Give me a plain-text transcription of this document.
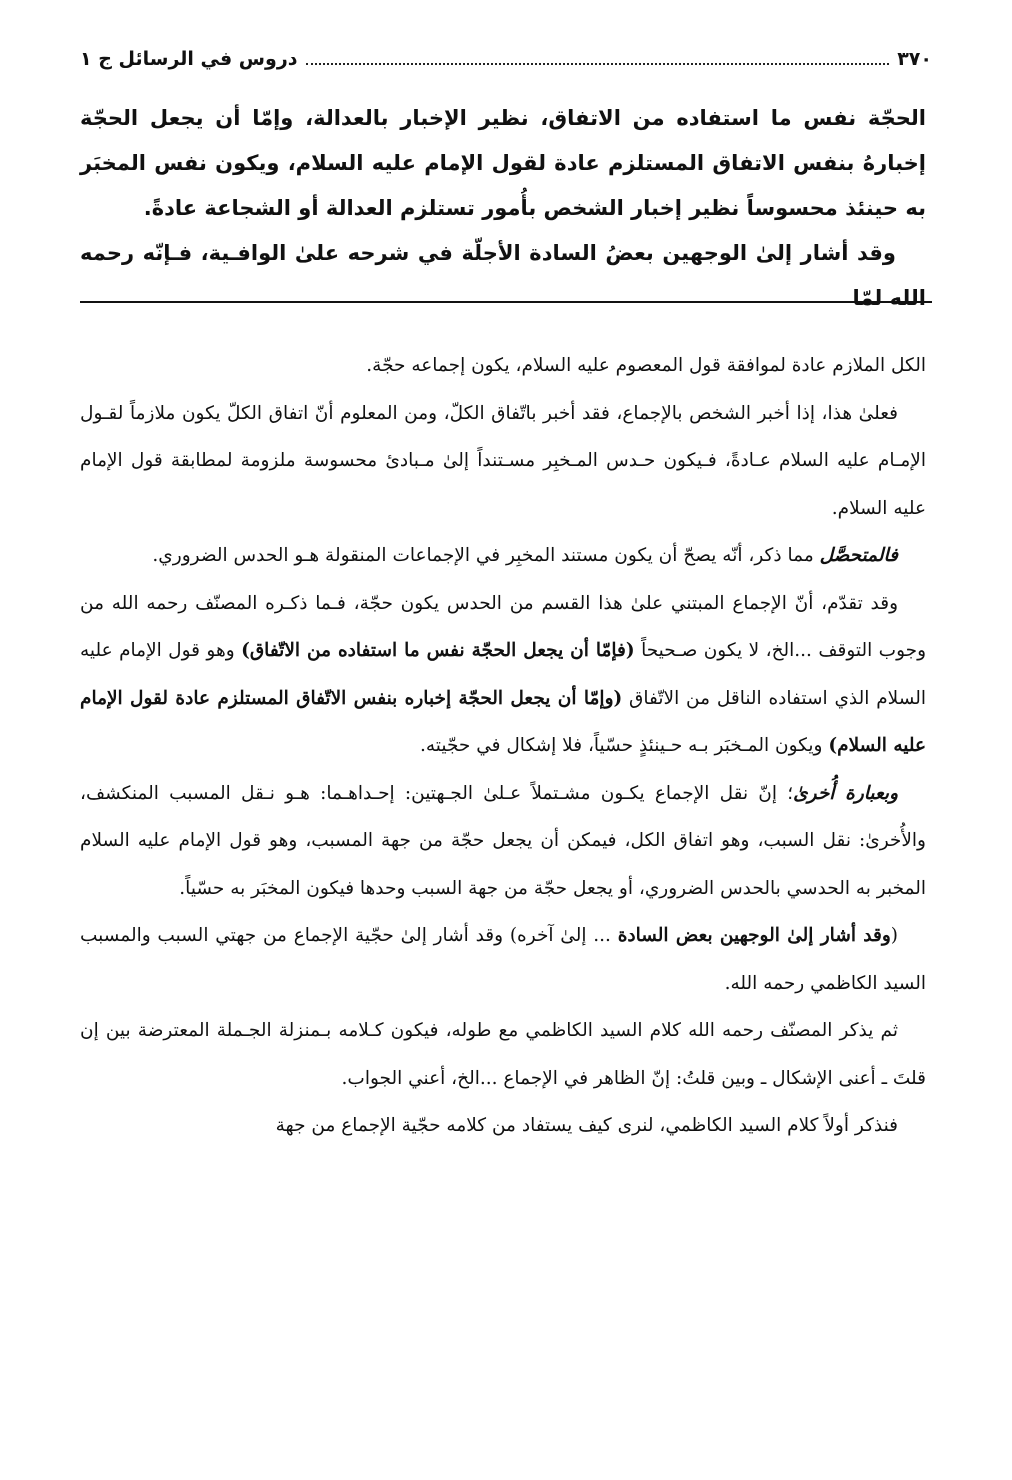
٣٧٠
دروس في الرسائل ج ١

الحجّة نفس ما استفاده من الاتفاق، نظير الإخبار بالعدالة، وإمّا أن يجعل الحجّة إخبارهُ بنفس الاتفاق المستلزم عادة لقول الإمام عليه السلام، ويكون نفس المخبَر به حينئذ محسوساً نظير إخبار الشخص بأُمور تستلزم العدالة أو الشجاعة عادةً.

وقد أشار إلىٰ الوجهين بعضُ السادة الأجلّة في شرحه علىٰ الوافـية، فـإنّه رحمه الله لمّا

الكل الملازم عادة لموافقة قول المعصوم عليه السلام، يكون إجماعه حجّة.

فعلىٰ هذا، إذا أخبر الشخص بالإجماع، فقد أخبر باتّفاق الكلّ، ومن المعلوم أنّ اتفاق الكلّ يكون ملازماً لقـول الإمـام عليه السلام عـادةً، فـيكون حـدس المـخبِر مسـتنداً إلىٰ مـبادئ محسوسة ملزومة لمطابقة قول الإمام عليه السلام.

فالمتحصَّل مما ذكر، أنّه يصحّ أن يكون مستند المخبِر في الإجماعات المنقولة هـو الحدس الضروري.

وقد تقدّم، أنّ الإجماع المبتني علىٰ هذا القسم من الحدس يكون حجّة، فـما ذكـره المصنّف رحمه الله من وجوب التوقف ...الخ، لا يكون صـحيحاً (فإمّا أن يجعل الحجّة نفس ما استفاده من الاتّفاق) وهو قول الإمام عليه السلام الذي استفاده الناقل من الاتّفاق (وإمّا أن يجعل الحجّة إخباره بنفس الاتّفاق المستلزم عادة لقول الإمام عليه السلام) ويكون المـخبَر بـه حـينئذٍ حسّياً، فلا إشكال في حجّيته.

وبعبارة أُخرىٰ؛ إنّ نقل الإجماع يكـون مشـتملاً عـلىٰ الجـهتين: إحـداهـما: هـو نـقل المسبب المنكشف، والأُخرىٰ: نقل السبب، وهو اتفاق الكل، فيمكن أن يجعل حجّة من جهة المسبب، وهو قول الإمام عليه السلام المخبر به الحدسي بالحدس الضروري، أو يجعل حجّة من جهة السبب وحدها فيكون المخبَر به حسّياً.

(وقد أشار إلىٰ الوجهين بعض السادة ... إلىٰ آخره) وقد أشار إلىٰ حجّية الإجماع من جهتي السبب والمسبب السيد الكاظمي رحمه الله.

ثم يذكر المصنّف رحمه الله كلام السيد الكاظمي مع طوله، فيكون كـلامه بـمنزلة الجـملة المعترضة بين إن قلتَ ـ أعنى الإشكال ـ وبين قلتُ: إنّ الظاهر في الإجماع ...الخ، أعني الجواب.

فنذكر أولاً كلام السيد الكاظمي، لنرى كيف يستفاد من كلامه حجّية الإجماع من جهة
